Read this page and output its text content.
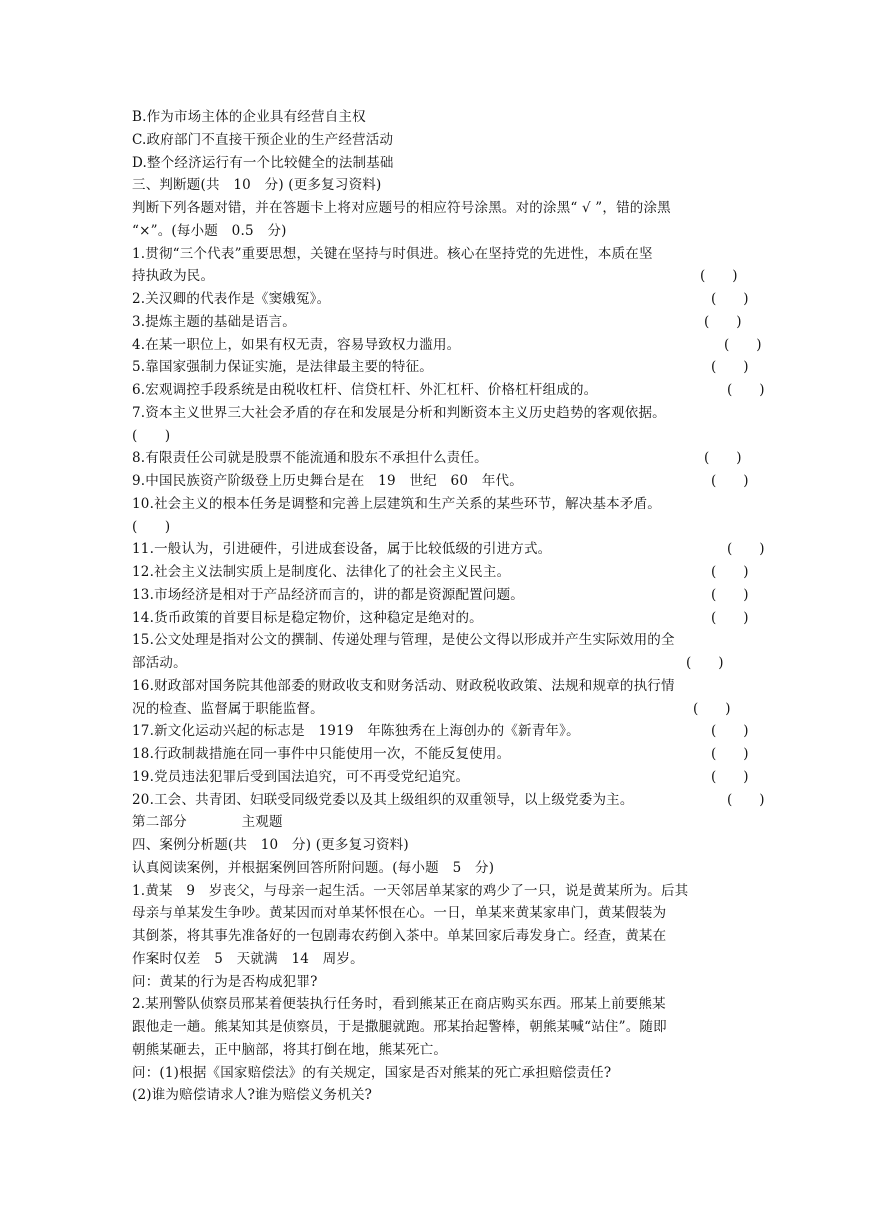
B.作为市场主体的企业具有经营自主权
C.政府部门不直接干预企业的生产经营活动
D.整个经济运行有一个比较健全的法制基础
三、判断题(共　10　分) (更多复习资料)
判断下列各题对错，并在答题卡上将对应题号的相应符号涂黑。对的涂黑“ √ ”，错的涂黑
“×”。(每小题　0.5　分)
1.贯彻“三个代表”重要思想，关键在坚持与时俱进。核心在坚持党的先进性，本质在坚
持执政为民。	(　　)
2.关汉卿的代表作是《窦娥冤》。	(　　)
3.提炼主题的基础是语言。	(　　)
4.在某一职位上，如果有权无责，容易导致权力滥用。	(　　)
5.靠国家强制力保证实施，是法律最主要的特征。	(　　)
6.宏观调控手段系统是由税收杠杆、信贷杠杆、外汇杠杆、价格杠杆组成的。	(　　)
7.资本主义世界三大社会矛盾的存在和发展是分析和判断资本主义历史趋势的客观依据。
(　　)
8.有限责任公司就是股票不能流通和股东不承担什么责任。	(　　)
9.中国民族资产阶级登上历史舞台是在　19　世纪　60　年代。	(　　)
10.社会主义的根本任务是调整和完善上层建筑和生产关系的某些环节，解决基本矛盾。
(　　)
11.一般认为，引进硬件，引进成套设备，属于比较低级的引进方式。	(　　)
12.社会主义法制实质上是制度化、法律化了的社会主义民主。	(　　)
13.市场经济是相对于产品经济而言的，讲的都是资源配置问题。	(　　)
14.货币政策的首要目标是稳定物价，这种稳定是绝对的。	(　　)
15.公文处理是指对公文的撰制、传递处理与管理，是使公文得以形成并产生实际效用的全
部活动。	(　　)
16.财政部对国务院其他部委的财政收支和财务活动、财政税收政策、法规和规章的执行情
况的检查、监督属于职能监督。	(　　)
17.新文化运动兴起的标志是　1919　年陈独秀在上海创办的《新青年》。	(　　)
18.行政制裁措施在同一事件中只能使用一次，不能反复使用。	(　　)
19.党员违法犯罪后受到国法追究，可不再受党纪追究。	(　　)
20.工会、共青团、妇联受同级党委以及其上级组织的双重领导，以上级党委为主。	(　　)
第二部分　　　　主观题
四、案例分析题(共　10　分) (更多复习资料)
认真阅读案例，并根据案例回答所附问题。(每小题　5　分)
1.黄某　9　岁丧父，与母亲一起生活。一天邻居单某家的鸡少了一只，说是黄某所为。后其
母亲与单某发生争吵。黄某因而对单某怀恨在心。一日，单某来黄某家串门，黄某假装为
其倒茶，将其事先准备好的一包剧毒农药倒入茶中。单某回家后毒发身亡。经查，黄某在
作案时仅差　5　天就满　14　周岁。
问：黄某的行为是否构成犯罪?
2.某刑警队侦察员邢某着便装执行任务时，看到熊某正在商店购买东西。邢某上前要熊某
跟他走一趟。熊某知其是侦察员，于是撒腿就跑。邢某抬起警棒，朝熊某喊“站住”。随即
朝熊某砸去，正中脑部，将其打倒在地，熊某死亡。
问：(1)根据《国家赔偿法》的有关规定，国家是否对熊某的死亡承担赔偿责任?
(2)谁为赔偿请求人?谁为赔偿义务机关?
